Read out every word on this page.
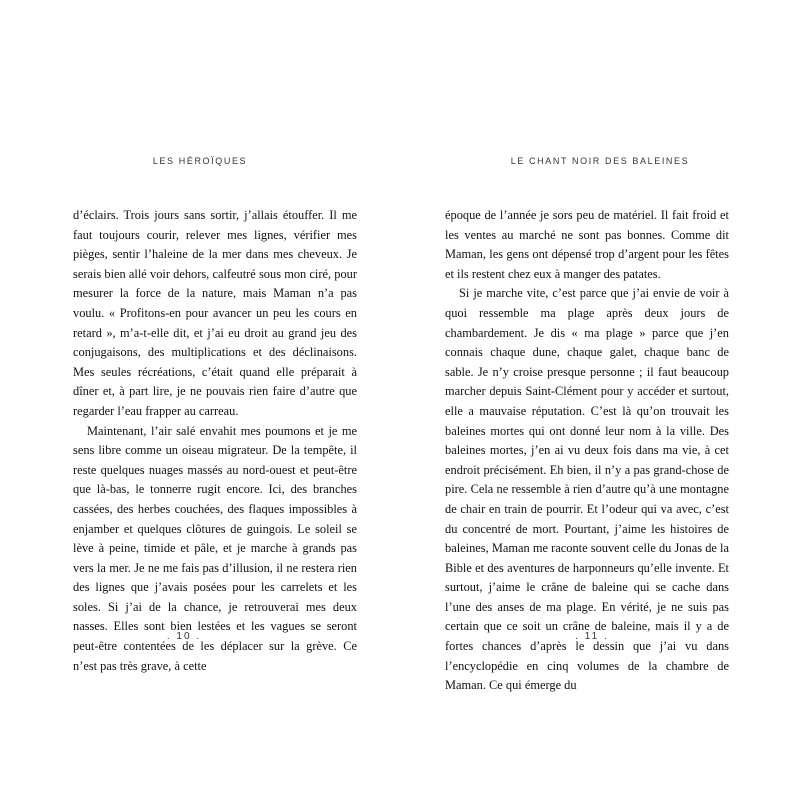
LES HÉROÏQUES

d’éclairs. Trois jours sans sortir, j’allais étouffer. Il me faut toujours courir, relever mes lignes, vérifier mes pièges, sentir l’haleine de la mer dans mes cheveux. Je serais bien allé voir dehors, calfeutré sous mon ciré, pour mesurer la force de la nature, mais Maman n’a pas voulu. « Profitons-en pour avancer un peu les cours en retard », m’a-t-elle dit, et j’ai eu droit au grand jeu des conjugaisons, des multiplications et des déclinaisons. Mes seules récréations, c’était quand elle préparait à dîner et, à part lire, je ne pouvais rien faire d’autre que regarder l’eau frapper au carreau.

Maintenant, l’air salé envahit mes poumons et je me sens libre comme un oiseau migrateur. De la tempête, il reste quelques nuages massés au nord-ouest et peut-être que là-bas, le tonnerre rugit encore. Ici, des branches cassées, des herbes couchées, des flaques impossibles à enjamber et quelques clôtures de guingois. Le soleil se lève à peine, timide et pâle, et je marche à grands pas vers la mer. Je ne me fais pas d’illusion, il ne restera rien des lignes que j’avais posées pour les carrelets et les soles. Si j’ai de la chance, je retrouverai mes deux nasses. Elles sont bien lestées et les vagues se seront peut-être contentées de les déplacer sur la grève. Ce n’est pas très grave, à cette

. 10 .
LE CHANT NOIR DES BALEINES

époque de l’année je sors peu de matériel. Il fait froid et les ventes au marché ne sont pas bonnes. Comme dit Maman, les gens ont dépensé trop d’argent pour les fêtes et ils restent chez eux à manger des patates.

Si je marche vite, c’est parce que j’ai envie de voir à quoi ressemble ma plage après deux jours de chambardement. Je dis « ma plage » parce que j’en connais chaque dune, chaque galet, chaque banc de sable. Je n’y croise presque personne ; il faut beaucoup marcher depuis Saint-Clément pour y accéder et surtout, elle a mauvaise réputation. C’est là qu’on trouvait les baleines mortes qui ont donné leur nom à la ville. Des baleines mortes, j’en ai vu deux fois dans ma vie, à cet endroit précisément. Eh bien, il n’y a pas grand-chose de pire. Cela ne ressemble à rien d’autre qu’à une montagne de chair en train de pourrir. Et l’odeur qui va avec, c’est du concentré de mort. Pourtant, j’aime les histoires de baleines, Maman me raconte souvent celle du Jonas de la Bible et des aventures de harponneurs qu’elle invente. Et surtout, j’aime le crâne de baleine qui se cache dans l’une des anses de ma plage. En vérité, je ne suis pas certain que ce soit un crâne de baleine, mais il y a de fortes chances d’après le dessin que j’ai vu dans l’encyclopédie en cinq volumes de la chambre de Maman. Ce qui émerge du

. 11 .
